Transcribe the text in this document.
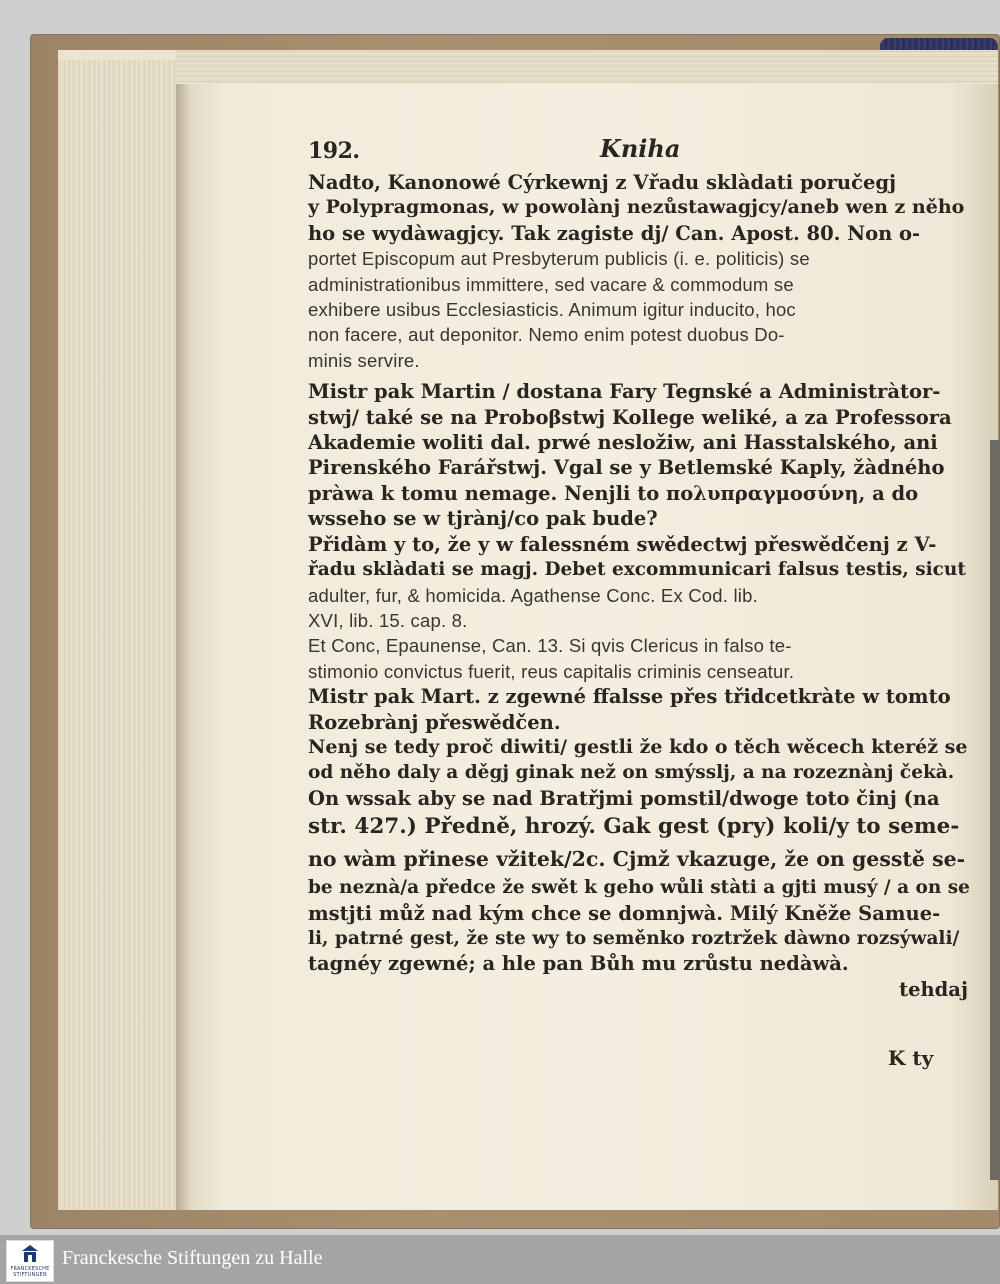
192.	Kniha
Nadto, Kanonowé Cýrkewnj z Vřadu sklàdati poručegj
y Polypragmonas, w powolànj nezůstawagjcy/aneb wen z něho
ho se wydàwagjcy. Tak zagiste dj/ Can. Apost. 80. Non o-
portet Episcopum aut Presbyterum publicis (i. e. politicis) se
administrationibus immittere, sed vacare & commodum se
exhibere usibus Ecclesiasticis. Animum igitur inducito, hoc
non facere, aut deponitor. Nemo enim potest duobus Do-
minis servire.
Mistr pak Martin / dostana Fary Tegnské a Administràtor-
stwj/ také se na Proboβstwj Kollege weliké, a za Professora
Akademie woliti dal. prwé nesložiw, ani Hasstalského, ani
Pirenského Farářstwj. Vgal se y Betlemské Kaply, žàdného
pràwa k tomu nemage. Nenjli to πολυπραγμοσύνη, a do
wsseho se w tjrànj/co pak bude?
Přidàm y to, že y w falessném swědectwj přeswědčenj z V-
řadu sklàdati se magj. Debet excommunicari falsus testis, sicut
adulter, fur, & homicida. Agathense Conc. Ex Cod. lib.
XVI, lib. 15. cap. 8.
Et Conc, Epaunense, Can. 13. Si qvis Clericus in falso te-
stimonio convictus fuerit, reus capitalis criminis censeatur.
Mistr pak Mart. z zgewné ffalsse přes třidcetkràte w tomto
Rozebrànj přeswědčen.
Nenj se tedy proč diwiti/ gestli že kdo o těch wěcech kteréž se
od něho daly a děgj ginak než on smýsslj, a na rozeznànj čekà.
On wssak aby se nad Bratřjmi pomstil/dwoge toto činj (na
str. 427.) Předně, hrozý. Gak gest (pry) koli/y to seme-
no wàm přinese vžitek/2c. Cjmž vkazuge, že on gesstě se-
be neznà/a předce že swět k geho wůli stàti a gjti musý / a on se
mstjti můž nad kým chce se domnjwà. Milý Kněže Samue-
li, patrné gest, že ste wy to seměnko roztržek dàwno rozsýwali/
tagnéy zgewné; a hle pan Bůh mu zrůstu nedàwà.
tehdaj
K ty
FRANCKESCHE
STIFTUNGEN
Franckesche Stiftungen zu Halle
